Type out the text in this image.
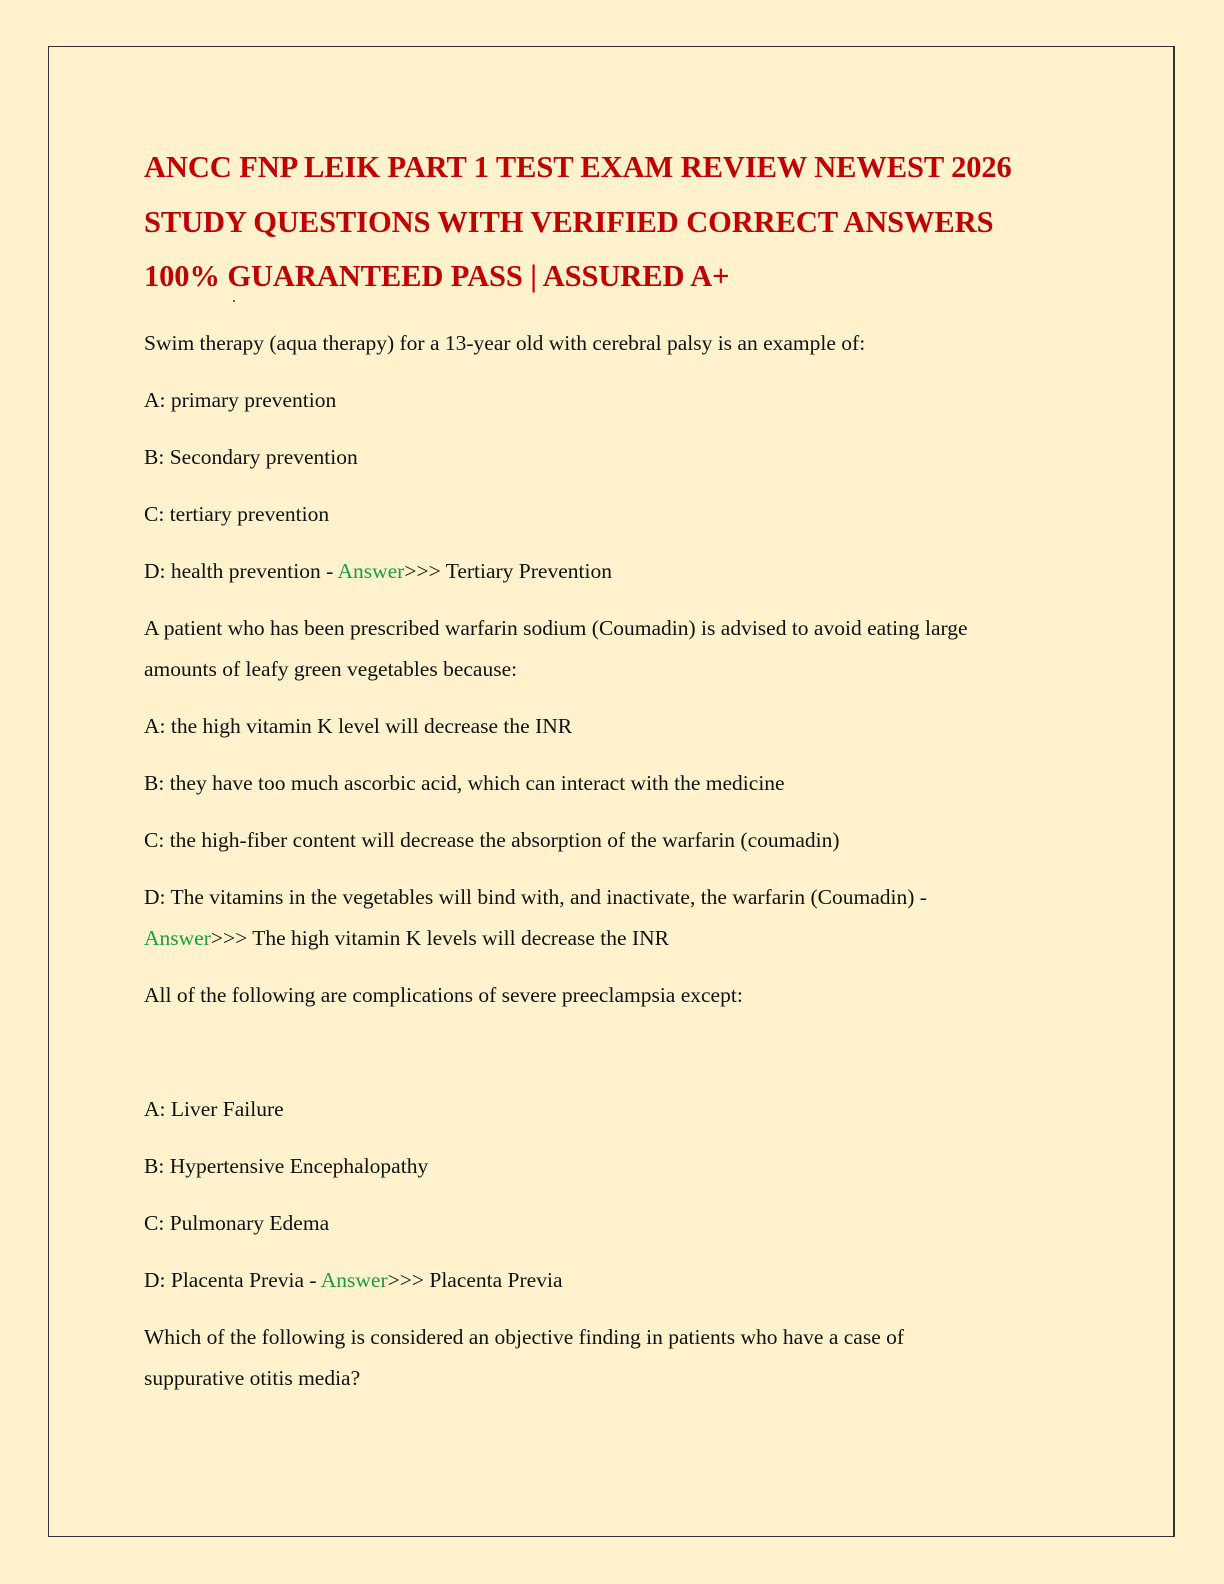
ANCC FNP LEIK PART 1 TEST EXAM REVIEW NEWEST 2026
STUDY QUESTIONS WITH VERIFIED CORRECT ANSWERS
100% GUARANTEED PASS | ASSURED A+

Swim therapy (aqua therapy) for a 13-year old with cerebral palsy is an example of:

A: primary prevention

B: Secondary prevention

C: tertiary prevention

D: health prevention - Answer>>> Tertiary Prevention

A patient who has been prescribed warfarin sodium (Coumadin) is advised to avoid eating large

amounts of leafy green vegetables because:

A: the high vitamin K level will decrease the INR

B: they have too much ascorbic acid, which can interact with the medicine

C: the high-fiber content will decrease the absorption of the warfarin (coumadin)

D: The vitamins in the vegetables will bind with, and inactivate, the warfarin (Coumadin) -

Answer>>> The high vitamin K levels will decrease the INR

All of the following are complications of severe preeclampsia except:

A: Liver Failure

B: Hypertensive Encephalopathy

C: Pulmonary Edema

D: Placenta Previa - Answer>>> Placenta Previa

Which of the following is considered an objective finding in patients who have a case of

suppurative otitis media?
